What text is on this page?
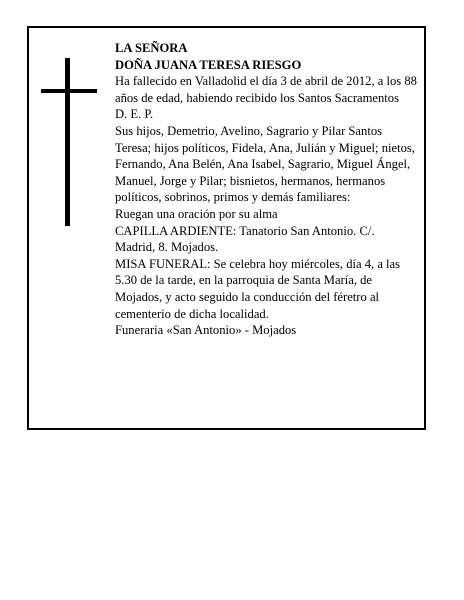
LA SEÑORA

DOÑA JUANA TERESA RIESGO

Ha fallecido en Valladolid el día 3 de abril de 2012, a los 88 años de edad, habiendo recibido los Santos Sacramentos

D. E. P.

Sus hijos, Demetrio, Avelino, Sagrario y Pilar Santos Teresa; hijos políticos, Fidela, Ana, Julián y Miguel; nietos, Fernando, Ana Belén, Ana Isabel, Sagrario, Miguel Ángel, Manuel, Jorge y Pilar; bisnietos, hermanos, hermanos políticos, sobrinos, primos y demás familiares:

Ruegan una oración por su alma

CAPILLA ARDIENTE: Tanatorio San Antonio. C/. Madrid, 8. Mojados.

MISA FUNERAL: Se celebra hoy miércoles, día 4, a las 5.30 de la tarde, en la parroquia de Santa María, de Mojados, y acto seguido la conducción del féretro al cementerio de dicha localidad.

Funeraria «San Antonio» - Mojados
